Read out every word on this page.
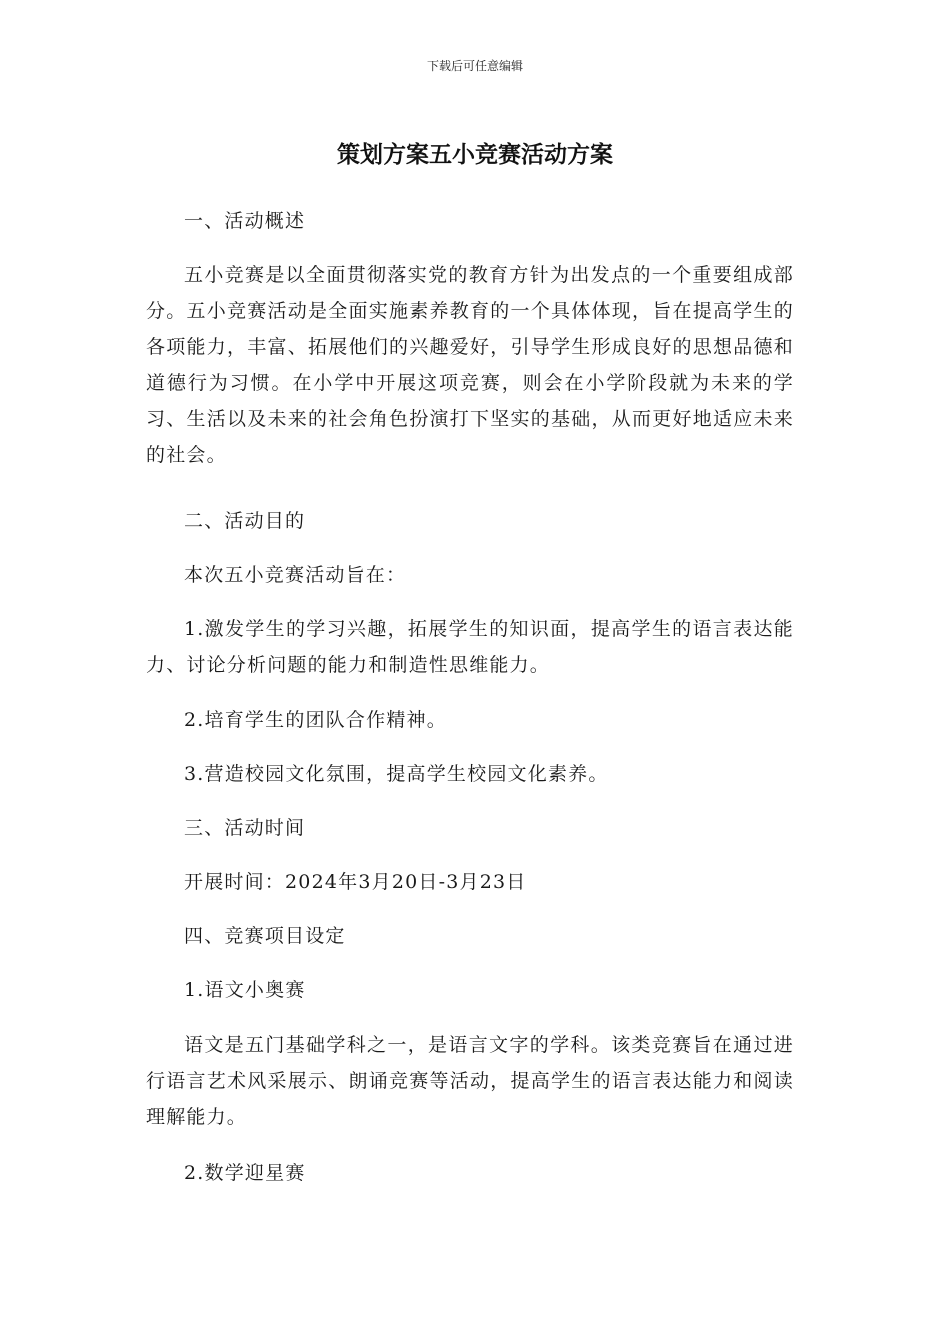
下载后可任意编辑
策划方案五小竞赛活动方案

一、活动概述

五小竞赛是以全面贯彻落实党的教育方针为出发点的一个重要组成部分。五小竞赛活动是全面实施素养教育的一个具体体现，旨在提高学生的各项能力，丰富、拓展他们的兴趣爱好，引导学生形成良好的思想品德和道德行为习惯。在小学中开展这项竞赛，则会在小学阶段就为未来的学习、生活以及未来的社会角色扮演打下坚实的基础，从而更好地适应未来的社会。

二、活动目的

本次五小竞赛活动旨在：

1.激发学生的学习兴趣，拓展学生的知识面，提高学生的语言表达能力、讨论分析问题的能力和制造性思维能力。

2.培育学生的团队合作精神。

3.营造校园文化氛围，提高学生校园文化素养。

三、活动时间

开展时间：2024年3月20日-3月23日

四、竞赛项目设定

1.语文小奥赛

语文是五门基础学科之一，是语言文字的学科。该类竞赛旨在通过进行语言艺术风采展示、朗诵竞赛等活动，提高学生的语言表达能力和阅读理解能力。

2.数学迎星赛
